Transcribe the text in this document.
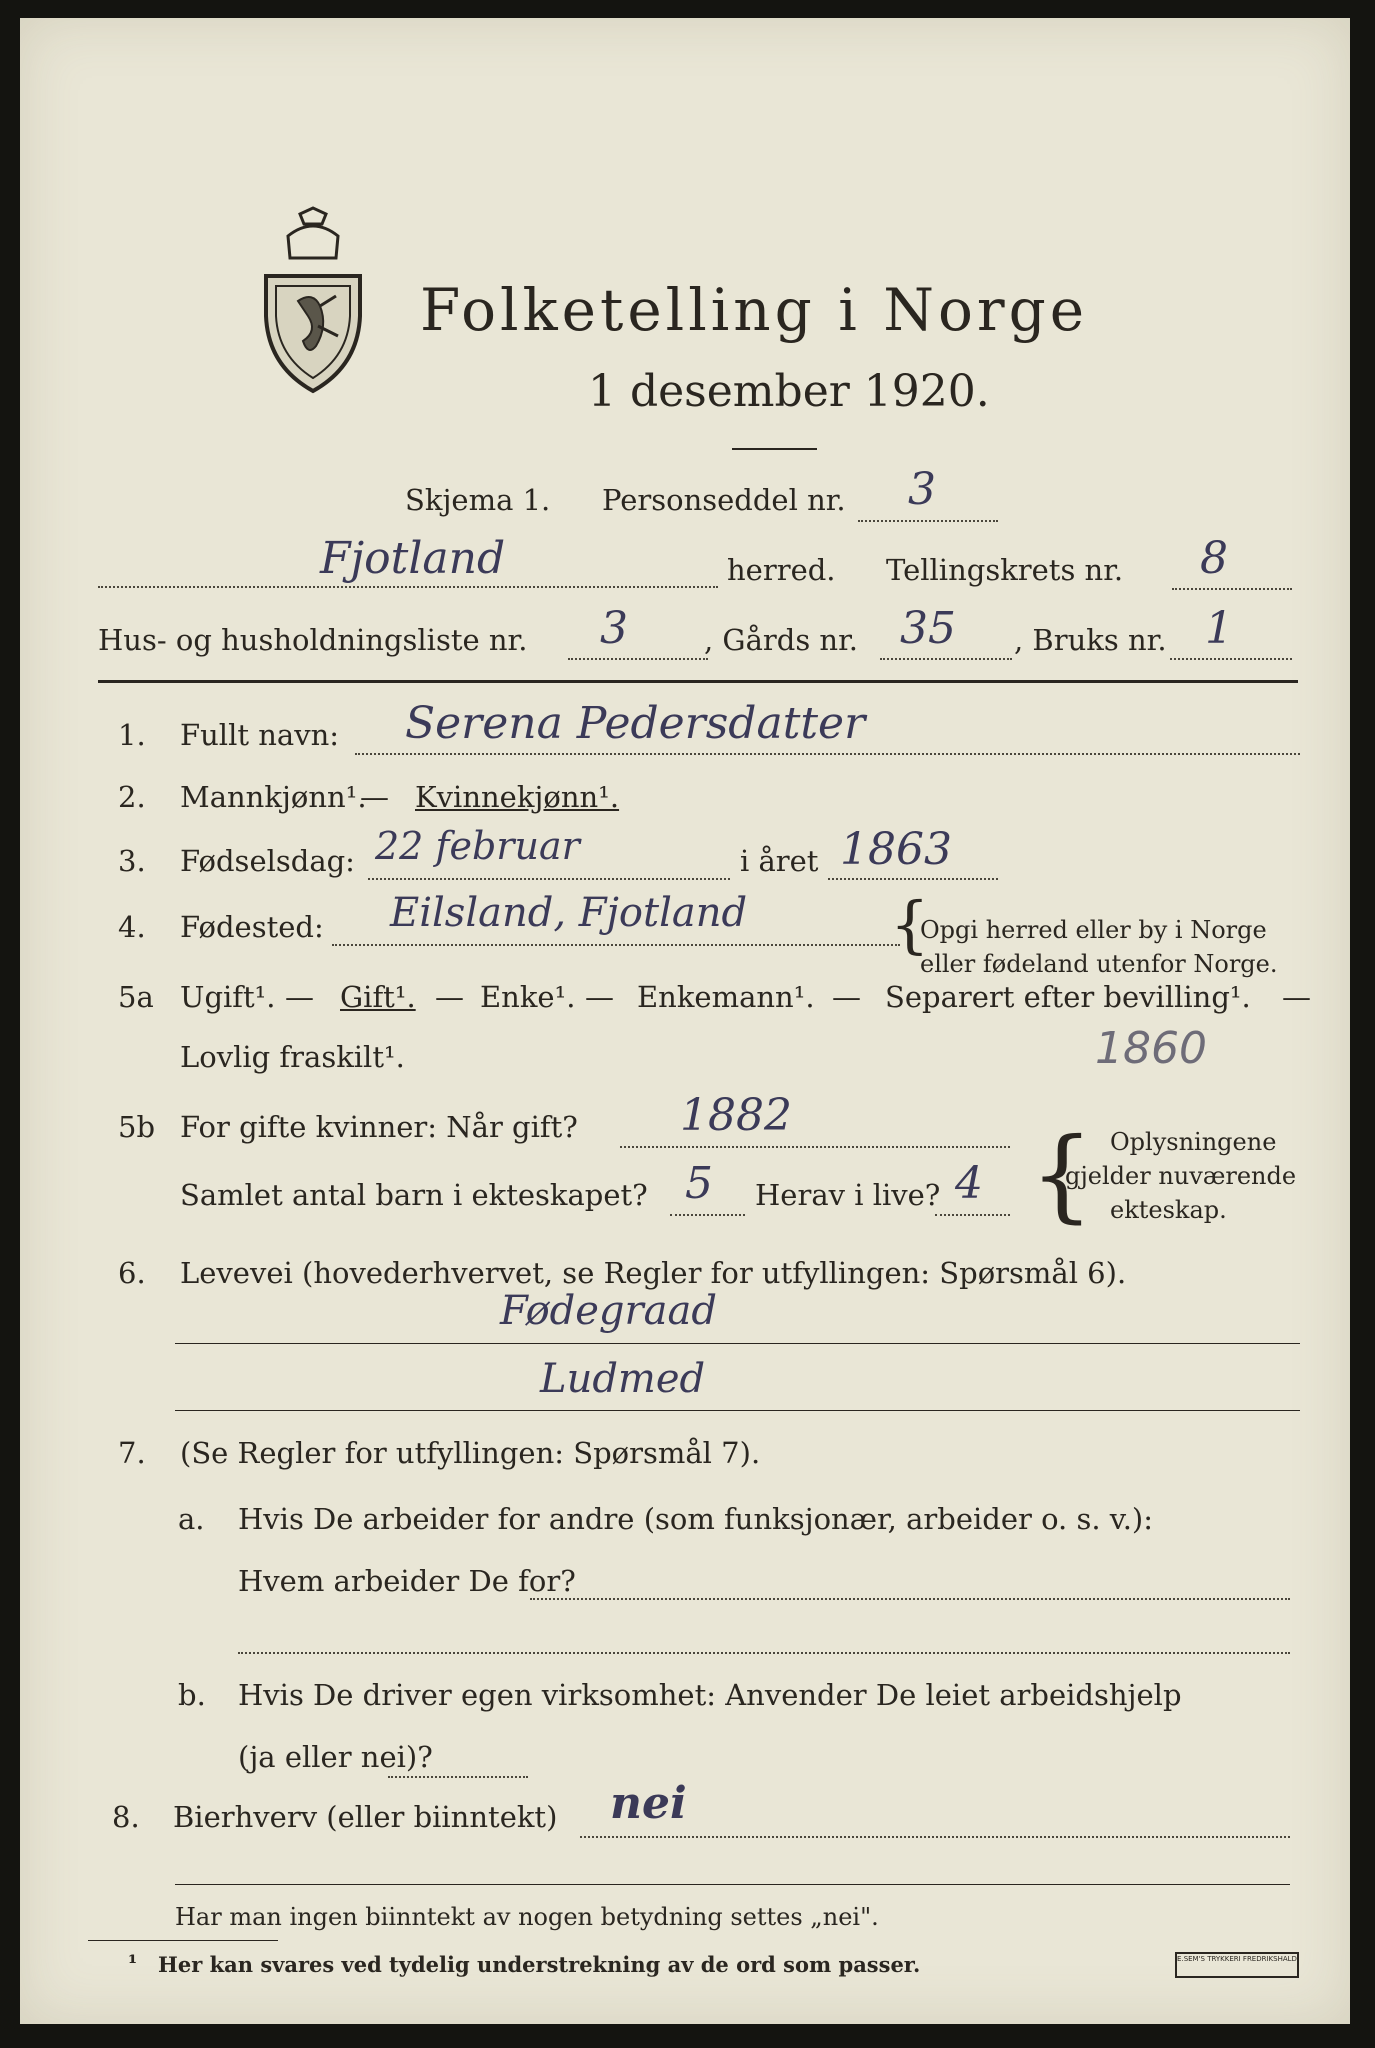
Folketelling i Norge
1 desember 1920.
Skjema 1. Personseddel nr. 3
Fjotland	herred. Tellingskrets nr. 8
Hus- og husholdningsliste nr. 3	, Gårds nr. 35 , Bruks nr. 1
1. Fullt navn: Serena Pedersdatter
2. Mannkjønn¹.
— Kvinnekjønn¹.
3. Fødselsdag: 22 februar	i året 1863
4. Fødested: Eilsland, Fjotland {
Opgi herred eller by i Norge
eller fødeland utenfor Norge.
5a Ugift¹. — Gift¹. — Enke¹. — Enkemann¹. — Separert efter bevilling¹. —
Lovlig fraskilt¹.	1860
5b For gifte kvinner: Når gift? 1882
Samlet antal barn i ekteskapet? 5 Herav i live? 4 { Oplysningene
gjelder nuværende
ekteskap.
6. Levevei (hovederhvervet, se Regler for utfyllingen: Spørsmål 6).
Fødegraad
Ludmed
7. (Se Regler for utfyllingen: Spørsmål 7).
a. Hvis De arbeider for andre (som funksjonær, arbeider o. s. v.):
Hvem arbeider De for?
b. Hvis De driver egen virksomhet: Anvender De leiet arbeidshjelp
(ja eller nei)?
8. Bierhverv (eller biinntekt) nei
Har man ingen biinntekt av nogen betydning settes „nei".
¹ Her kan svares ved tydelig understrekning av de ord som passer.	E.SEM'S TRYKKERI FREDRIKSHALD
